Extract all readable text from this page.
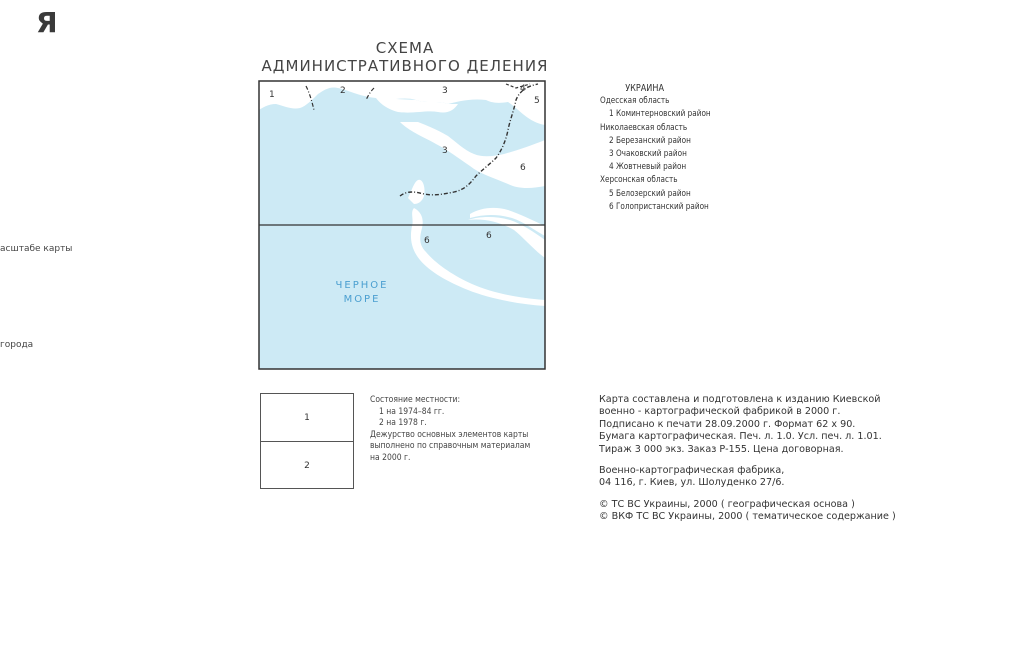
Я
асштабе карты
города
СХЕМА
АДМИНИСТРАТИВНОГО ДЕЛЕНИЯ
1	2	3	4
5
3
6
6	6
ЧЕРНОЕ
МОРЕ
УКРАИНА
Одесская область
1 Коминтерновский район
Николаевская область
2 Березанский район
3 Очаковский район
4 Жовтневый район
Херсонская область
5 Белозерский район
6 Голопристанский район
1
2
Состояние местности:
1 на 1974–84 гг.
2 на 1978 г.
Дежурство основных элементов карты
выполнено по справочным материалам
на 2000 г.
Карта составлена и подготовлена к изданию Киевской
военно - картографической фабрикой в 2000 г.
Подписано к печати 28.09.2000 г. Формат 62 х 90.
Бумага картографическая. Печ. л. 1.0. Усл. печ. л. 1.01.
Тираж 3 000 экз. Заказ Р-155. Цена договорная.
Военно-картографическая фабрика,
04 116, г. Киев, ул. Шолуденко 27/6.
© ТС ВС Украины, 2000 ( географическая основа )
© ВКФ ТС ВС Украины, 2000 ( тематическое содержание )
